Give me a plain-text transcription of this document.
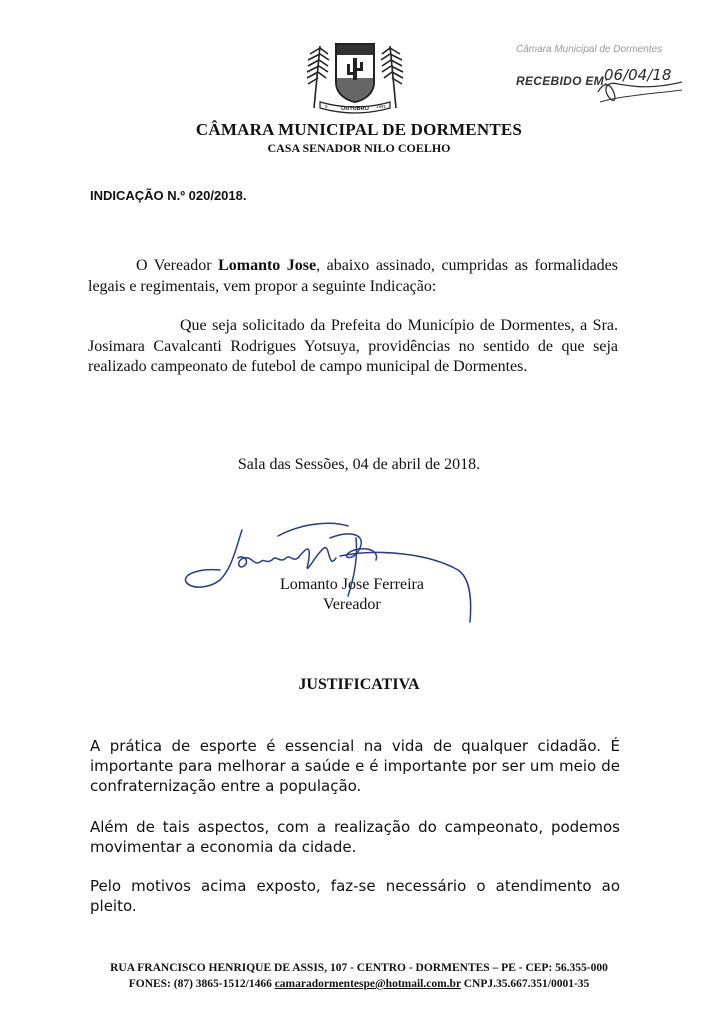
OUTUBRO
9	1991
Câmara Municipal de Dormentes
RECEBIDO EM:
06/04/18
CÂMARA MUNICIPAL DE DORMENTES
CASA SENADOR NILO COELHO
INDICAÇÃO N.º 020/2018.
O Vereador Lomanto Jose, abaixo assinado, cumpridas as formalidades legais e regimentais, vem propor a seguinte Indicação:
Que seja solicitado da Prefeita do Município de Dormentes, a Sra. Josimara Cavalcanti Rodrigues Yotsuya, providências no sentido de que seja realizado campeonato de futebol de campo municipal de Dormentes.
Sala das Sessões, 04 de abril de 2018.
Lomanto Jose Ferreira
Vereador
JUSTIFICATIVA

A prática de esporte é essencial na vida de qualquer cidadão. É importante para melhorar a saúde e é importante por ser um meio de confraternização entre a população.

Além de tais aspectos, com a realização do campeonato, podemos movimentar a economia da cidade.

Pelo motivos acima exposto, faz-se necessário o atendimento ao pleito.

RUA FRANCISCO HENRIQUE DE ASSIS, 107 - CENTRO - DORMENTES – PE - CEP: 56.355-000
FONES: (87) 3865-1512/1466 camaradormentespe@hotmail.com.br CNPJ.35.667.351/0001-35
